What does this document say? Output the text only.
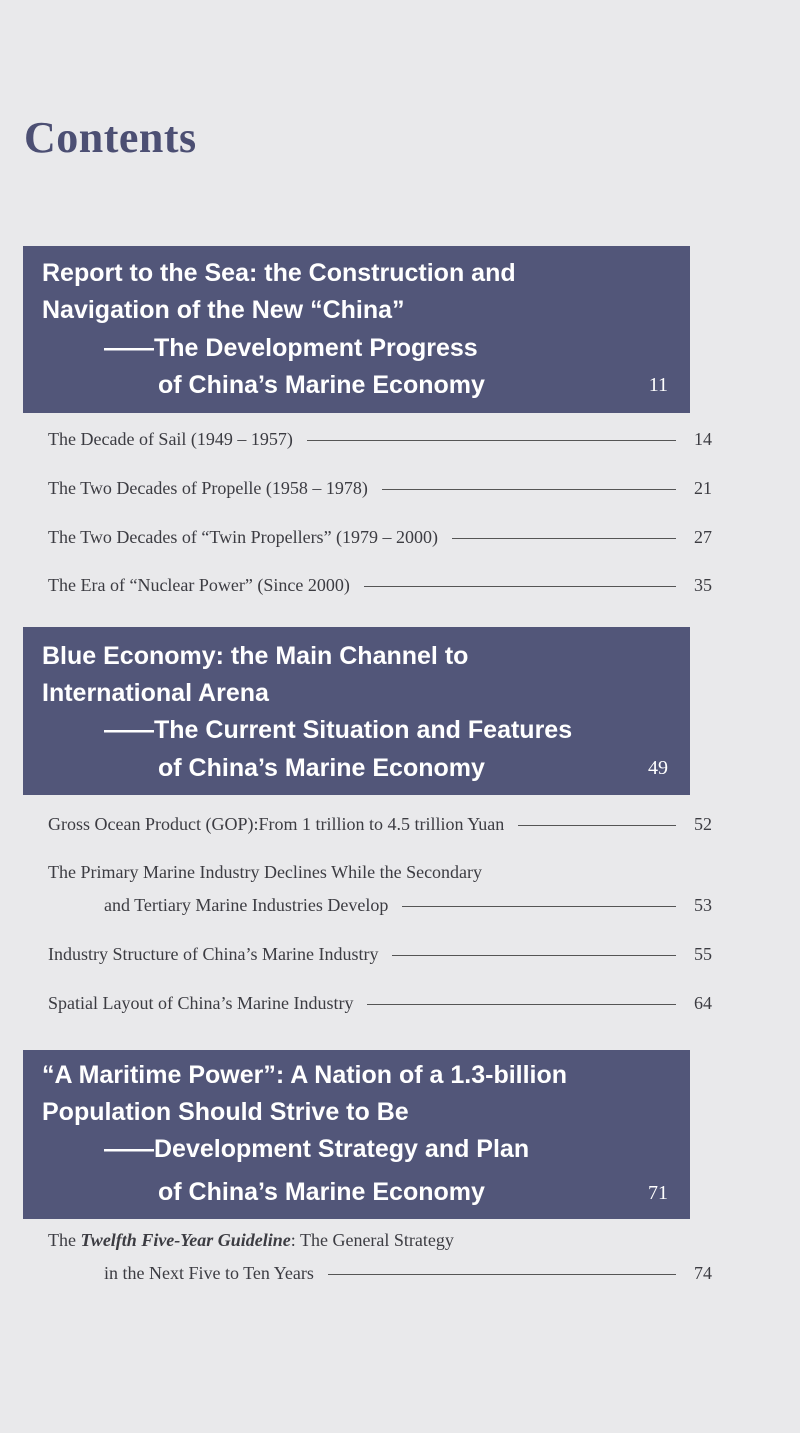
Contents
Report to the Sea: the Construction and
Navigation of the New “China”
——The Development Progress
of China’s Marine Economy	11
The Decade of Sail (1949 – 1957)	14
The Two Decades of Propelle (1958 – 1978)	21
The Two Decades of “Twin Propellers” (1979 – 2000)	27
The Era of “Nuclear Power” (Since 2000)	35
Blue Economy: the Main Channel to
International Arena
——The Current Situation and Features
of China’s Marine Economy	49
Gross Ocean Product (GOP):From 1 trillion to 4.5 trillion Yuan	52
The Primary Marine Industry Declines While the Secondary
and Tertiary Marine Industries Develop	53
Industry Structure of China’s Marine Industry	55
Spatial Layout of China’s Marine Industry	64
“A Maritime Power”: A Nation of a 1.3-billion
Population Should Strive to Be
——Development Strategy and Plan
of China’s Marine Economy	71
The Twelfth Five-Year Guideline: The General Strategy
in the Next Five to Ten Years	74
